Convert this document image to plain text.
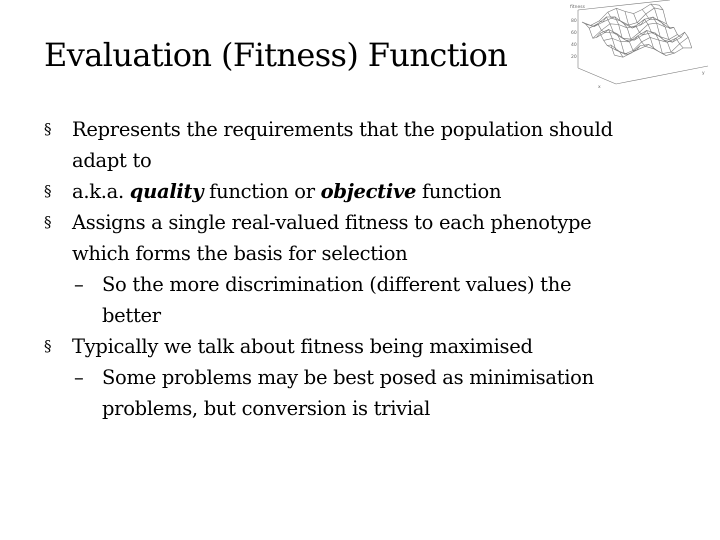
Evaluation (Fitness) Function
fitness
x
y
80
60
40
20
§ Represents the requirements that the population should
adapt to
§ a.k.a. quality function or objective function
§ Assigns a single real-valued fitness to each phenotype
which forms the basis for selection
– So the more discrimination (different values) the
better
§ Typically we talk about fitness being maximised
– Some problems may be best posed as minimisation
problems, but conversion is trivial
